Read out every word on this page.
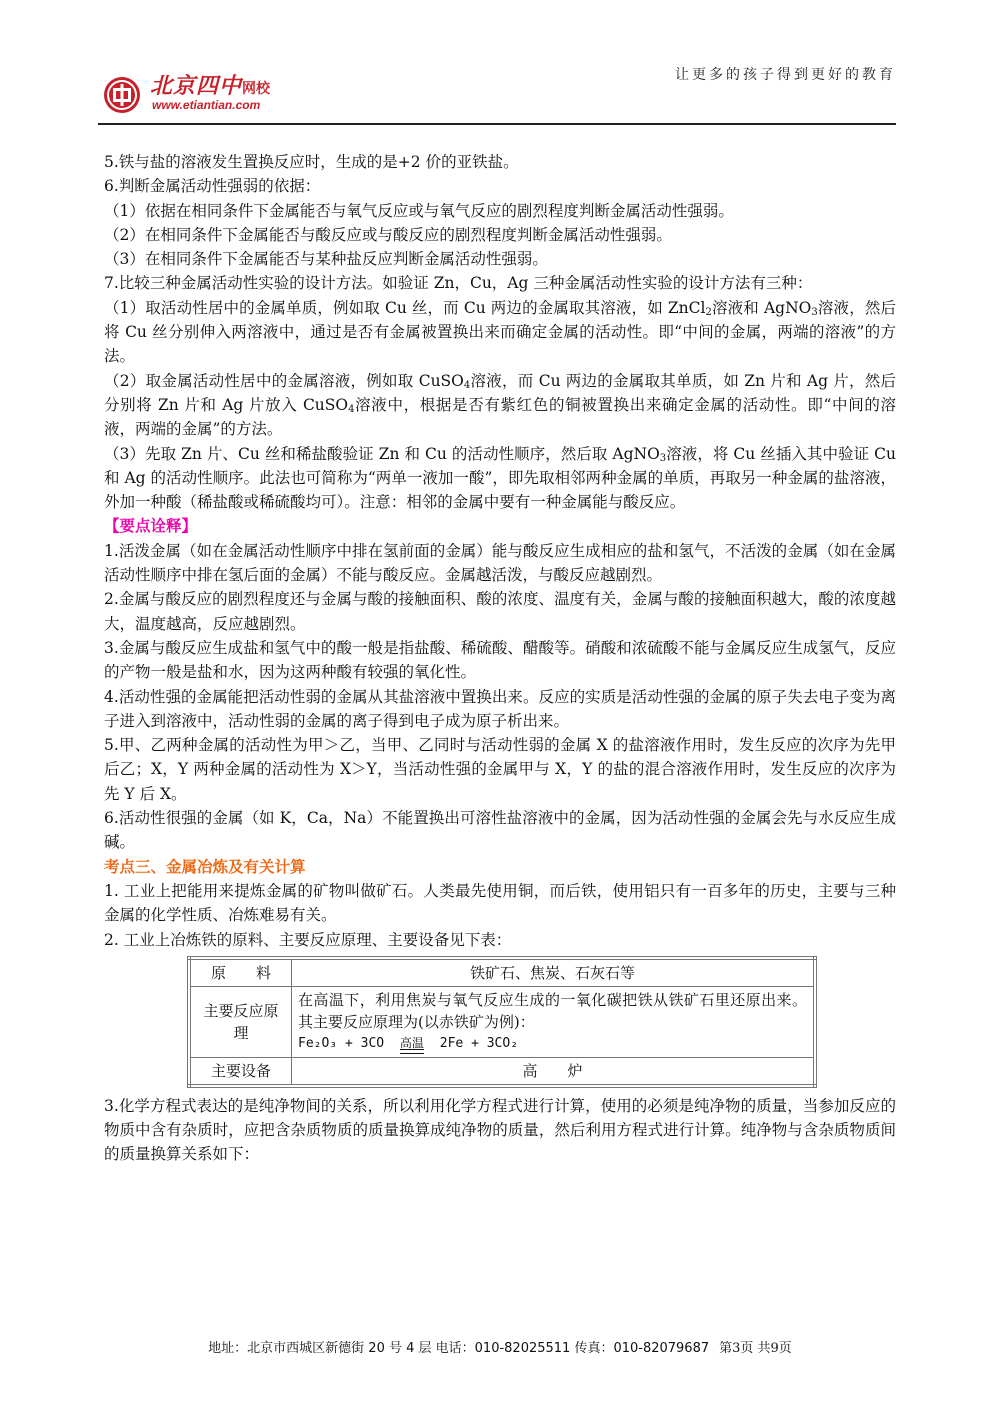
北京四中网校
www.etiantian.com
让更多的孩子得到更好的教育

5.铁与盐的溶液发生置换反应时，生成的是+2 价的亚铁盐。

6.判断金属活动性强弱的依据：

（1）依据在相同条件下金属能否与氧气反应或与氧气反应的剧烈程度判断金属活动性强弱。

（2）在相同条件下金属能否与酸反应或与酸反应的剧烈程度判断金属活动性强弱。

（3）在相同条件下金属能否与某种盐反应判断金属活动性强弱。

7.比较三种金属活动性实验的设计方法。如验证 Zn，Cu，Ag 三种金属活动性实验的设计方法有三种：

（1）取活动性居中的金属单质，例如取 Cu 丝，而 Cu 两边的金属取其溶液，如 ZnCl$_2$溶液和 AgNO$_3$溶液，然后将 Cu 丝分别伸入两溶液中，通过是否有金属被置换出来而确定金属的活动性。即“中间的金属，两端的溶液”的方法。

（2）取金属活动性居中的金属溶液，例如取 CuSO$_4$溶液，而 Cu 两边的金属取其单质，如 Zn 片和 Ag 片，然后分别将 Zn 片和 Ag 片放入 CuSO$_4$溶液中，根据是否有紫红色的铜被置换出来确定金属的活动性。即“中间的溶液，两端的金属”的方法。

（3）先取 Zn 片、Cu 丝和稀盐酸验证 Zn 和 Cu 的活动性顺序，然后取 AgNO$_3$溶液，将 Cu 丝插入其中验证 Cu 和 Ag 的活动性顺序。此法也可简称为“两单一液加一酸”，即先取相邻两种金属的单质，再取另一种金属的盐溶液，外加一种酸（稀盐酸或稀硫酸均可）。注意：相邻的金属中要有一种金属能与酸反应。

【要点诠释】

1.活泼金属（如在金属活动性顺序中排在氢前面的金属）能与酸反应生成相应的盐和氢气，不活泼的金属（如在金属活动性顺序中排在氢后面的金属）不能与酸反应。金属越活泼，与酸反应越剧烈。

2.金属与酸反应的剧烈程度还与金属与酸的接触面积、酸的浓度、温度有关，金属与酸的接触面积越大，酸的浓度越大，温度越高，反应越剧烈。

3.金属与酸反应生成盐和氢气中的酸一般是指盐酸、稀硫酸、醋酸等。硝酸和浓硫酸不能与金属反应生成氢气，反应的产物一般是盐和水，因为这两种酸有较强的氧化性。

4.活动性强的金属能把活动性弱的金属从其盐溶液中置换出来。反应的实质是活动性强的金属的原子失去电子变为离子进入到溶液中，活动性弱的金属的离子得到电子成为原子析出来。

5.甲、乙两种金属的活动性为甲＞乙，当甲、乙同时与活动性弱的金属 X 的盐溶液作用时，发生反应的次序为先甲后乙；X，Y 两种金属的活动性为 X＞Y，当活动性强的金属甲与 X，Y 的盐的混合溶液作用时，发生反应的次序为先 Y 后 X。

6.活动性很强的金属（如 K，Ca，Na）不能置换出可溶性盐溶液中的金属，因为活动性强的金属会先与水反应生成碱。

考点三、金属冶炼及有关计算

1. 工业上把能用来提炼金属的矿物叫做矿石。人类最先使用铜，而后铁，使用铝只有一百多年的历史，主要与三种金属的化学性质、冶炼难易有关。

2. 工业上冶炼铁的原料、主要反应原理、主要设备见下表：

原　　料	铁矿石、焦炭、石灰石等
主要反应原理	在高温下，利用焦炭与氧气反应生成的一氧化碳把铁从铁矿石里还原出来。其主要反应原理为(以赤铁矿为例)：
Fe₂O₃ + 3CO 高温 2Fe + 3CO₂

主要设备	高　　炉

3.化学方程式表达的是纯净物间的关系，所以利用化学方程式进行计算，使用的必须是纯净物的质量，当参加反应的物质中含有杂质时，应把含杂质物质的质量换算成纯净物的质量，然后利用方程式进行计算。纯净物与含杂质物质间的质量换算关系如下：

地址：北京市西城区新德街 20 号 4 层 电话：010-82025511 传真：010-82079687 第3页 共9页
